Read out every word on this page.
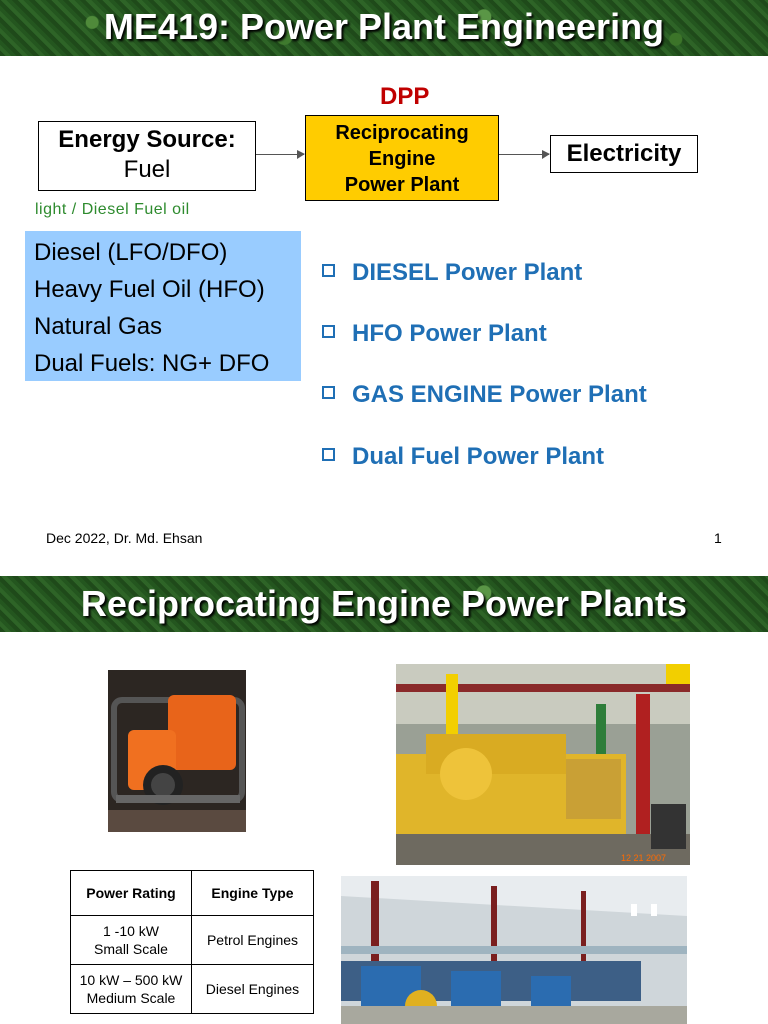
ME419: Power Plant Engineering
DPP
Energy Source:
Fuel
Reciprocating
Engine
Power Plant
Electricity
light / Diesel Fuel oil
Diesel (LFO/DFO)
Heavy Fuel Oil (HFO)
Natural Gas
Dual Fuels: NG+ DFO
DIESEL Power Plant
HFO Power Plant
GAS ENGINE Power Plant
Dual Fuel Power Plant
Dec 2022, Dr. Md. Ehsan	1
Reciprocating Engine Power Plants
12 21 2007
Power Rating	Engine Type

1 -10 kW
Small Scale	Petrol Engines

10 kW – 500 kW
Medium Scale	Diesel Engines
